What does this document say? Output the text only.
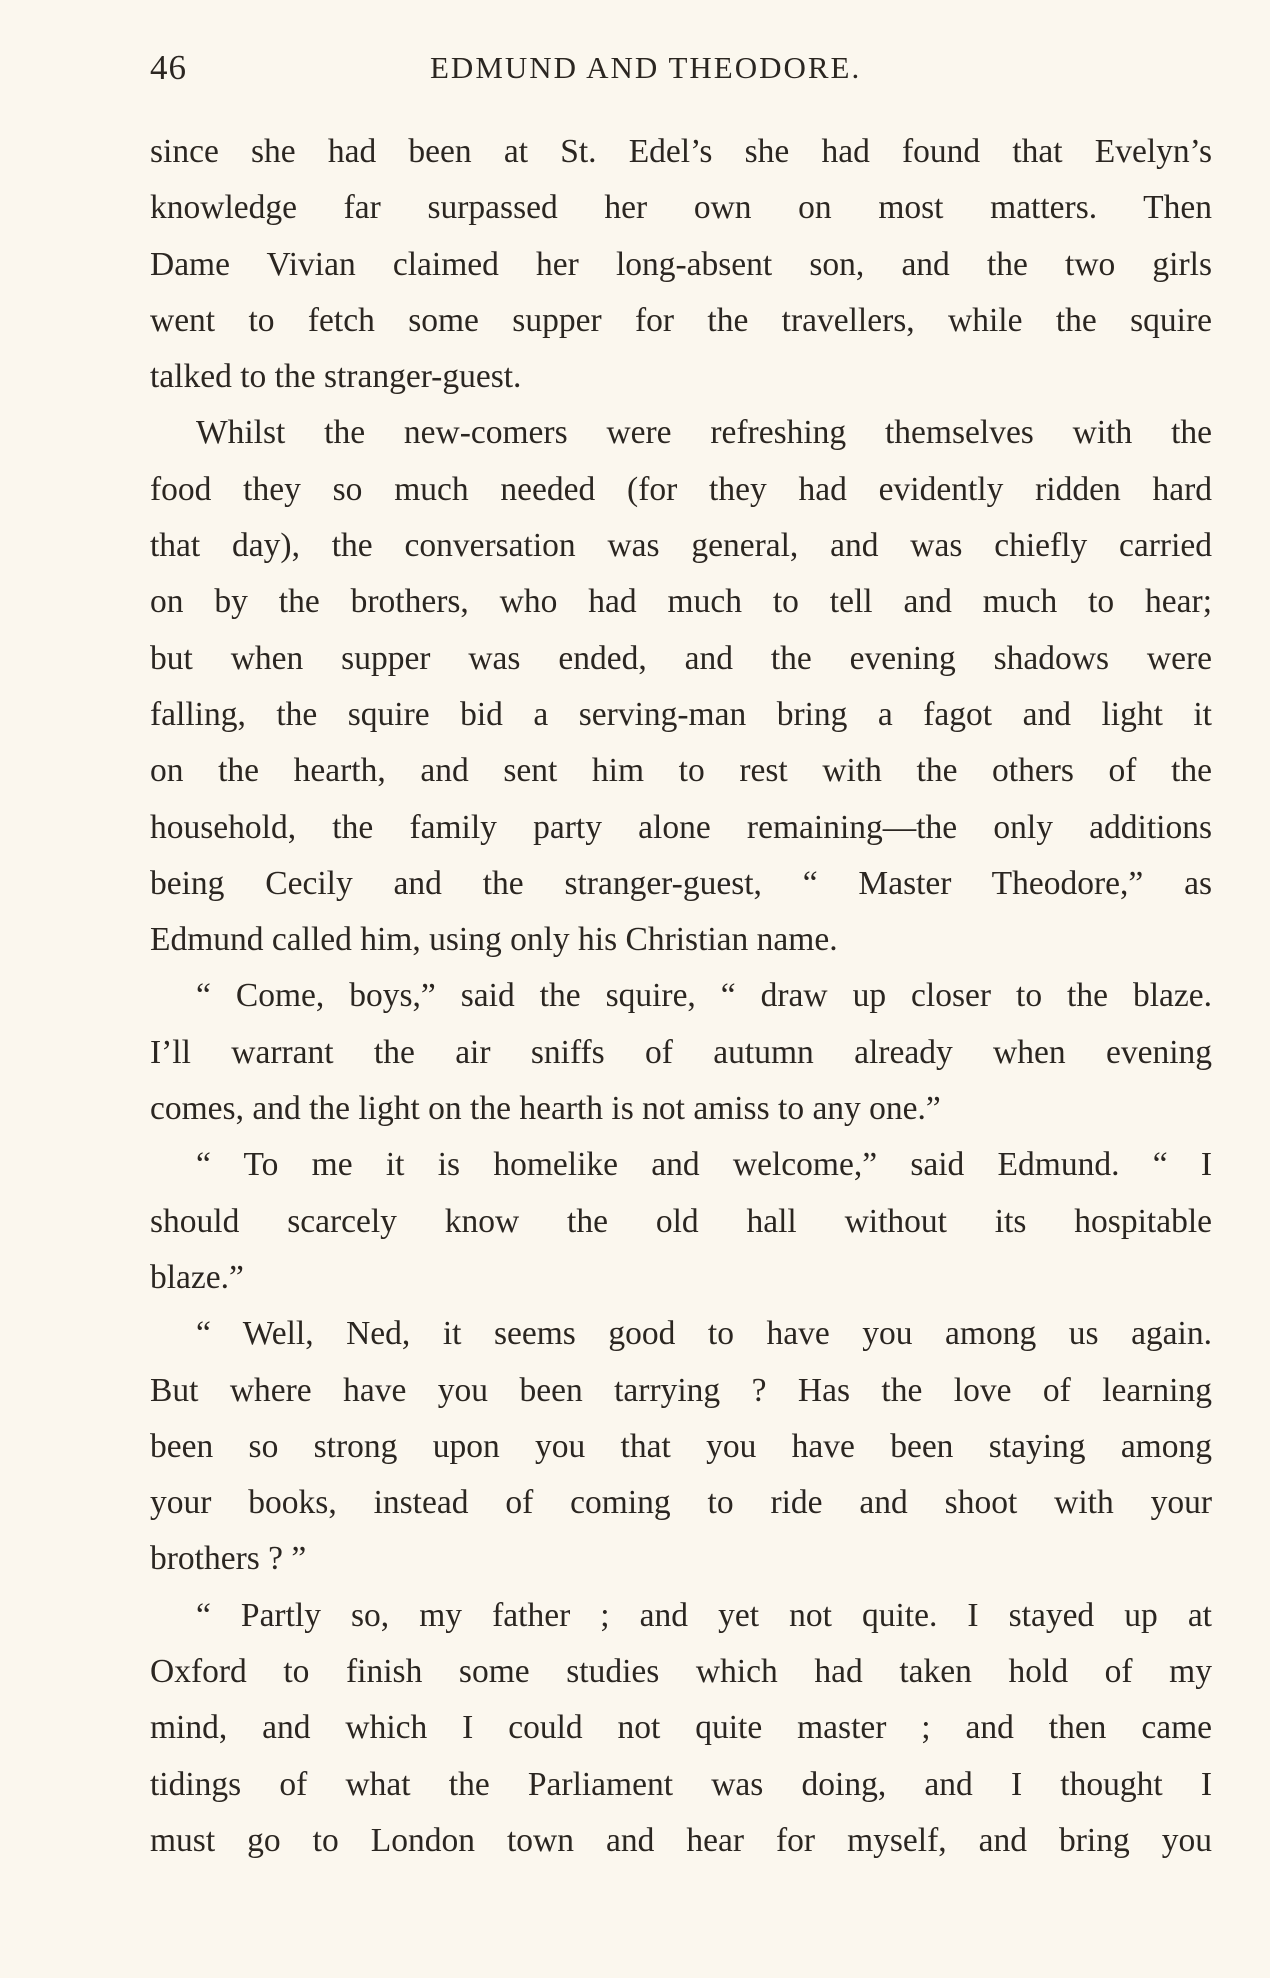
46	EDMUND AND THEODORE.
since she had been at St. Edel’s she had found that Evelyn’s
knowledge far surpassed her own on most matters. Then
Dame Vivian claimed her long-absent son, and the two girls
went to fetch some supper for the travellers, while the squire
talked to the stranger-guest.
Whilst the new-comers were refreshing themselves with the
food they so much needed (for they had evidently ridden hard
that day), the conversation was general, and was chiefly carried
on by the brothers, who had much to tell and much to hear;
but when supper was ended, and the evening shadows were
falling, the squire bid a serving-man bring a fagot and light it
on the hearth, and sent him to rest with the others of the
household, the family party alone remaining—the only additions
being Cecily and the stranger-guest, “ Master Theodore,” as
Edmund called him, using only his Christian name.
“ Come, boys,” said the squire, “ draw up closer to the blaze.
I’ll warrant the air sniffs of autumn already when evening
comes, and the light on the hearth is not amiss to any one.”
“ To me it is homelike and welcome,” said Edmund. “ I
should scarcely know the old hall without its hospitable
blaze.”
“ Well, Ned, it seems good to have you among us again.
But where have you been tarrying ? Has the love of learning
been so strong upon you that you have been staying among
your books, instead of coming to ride and shoot with your
brothers ? ”
“ Partly so, my father ; and yet not quite. I stayed up at
Oxford to finish some studies which had taken hold of my
mind, and which I could not quite master ; and then came
tidings of what the Parliament was doing, and I thought I
must go to London town and hear for myself, and bring you
